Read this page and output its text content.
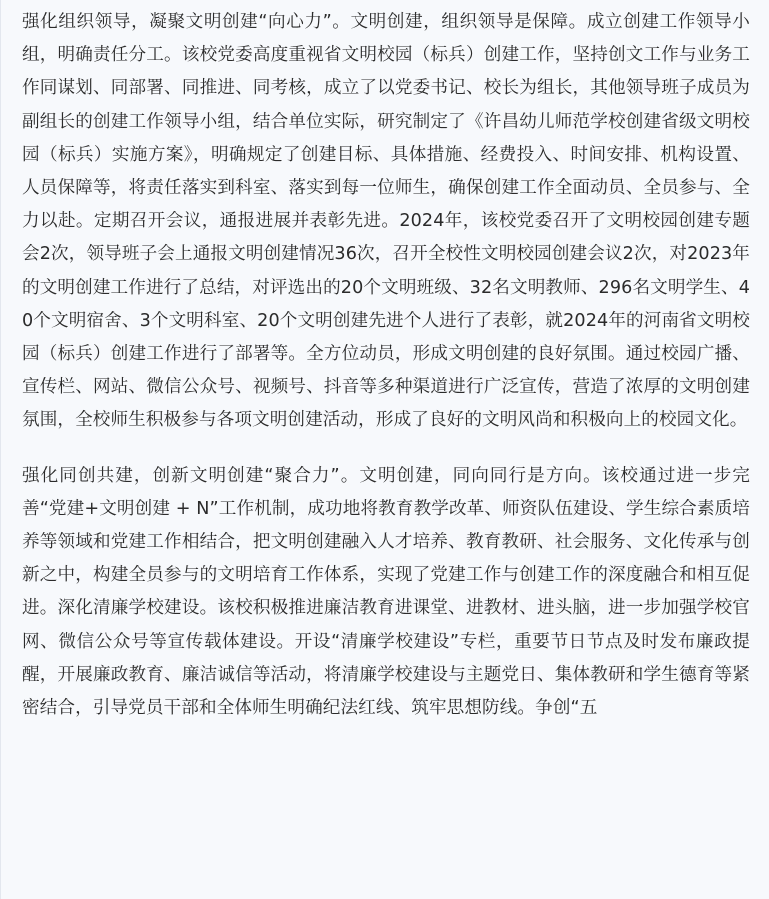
强化组织领导，凝聚文明创建“向心力”。文明创建，组织领导是保障。成立创建工作领导小组，明确责任分工。该校党委高度重视省文明校园（标兵）创建工作，坚持创文工作与业务工作同谋划、同部署、同推进、同考核，成立了以党委书记、校长为组长，其他领导班子成员为副组长的创建工作领导小组，结合单位实际，研究制定了《许昌幼儿师范学校创建省级文明校园（标兵）实施方案》，明确规定了创建目标、具体措施、经费投入、时间安排、机构设置、人员保障等，将责任落实到科室、落实到每一位师生，确保创建工作全面动员、全员参与、全力以赴。定期召开会议，通报进展并表彰先进。2024年，该校党委召开了文明校园创建专题会2次，领导班子会上通报文明创建情况36次，召开全校性文明校园创建会议2次，对2023年的文明创建工作进行了总结，对评选出的20个文明班级、32名文明教师、296名文明学生、40个文明宿舍、3个文明科室、20个文明创建先进个人进行了表彰，就2024年的河南省文明校园（标兵）创建工作进行了部署等。全方位动员，形成文明创建的良好氛围。通过校园广播、宣传栏、网站、微信公众号、视频号、抖音等多种渠道进行广泛宣传，营造了浓厚的文明创建氛围，全校师生积极参与各项文明创建活动，形成了良好的文明风尚和积极向上的校园文化。

强化同创共建，创新文明创建“聚合力”。文明创建，同向同行是方向。该校通过进一步完善“党建+文明创建 + N”工作机制，成功地将教育教学改革、师资队伍建设、学生综合素质培养等领域和党建工作相结合，把文明创建融入人才培养、教育教研、社会服务、文化传承与创新之中，构建全员参与的文明培育工作体系，实现了党建工作与创建工作的深度融合和相互促进。深化清廉学校建设。该校积极推进廉洁教育进课堂、进教材、进头脑，进一步加强学校官网、微信公众号等宣传载体建设。开设“清廉学校建设”专栏，重要节日节点及时发布廉政提醒，开展廉政教育、廉洁诚信等活动，将清廉学校建设与主题党日、集体教研和学生德育等紧密结合，引导党员干部和全体师生明确纪法红线、筑牢思想防线。争创“五
